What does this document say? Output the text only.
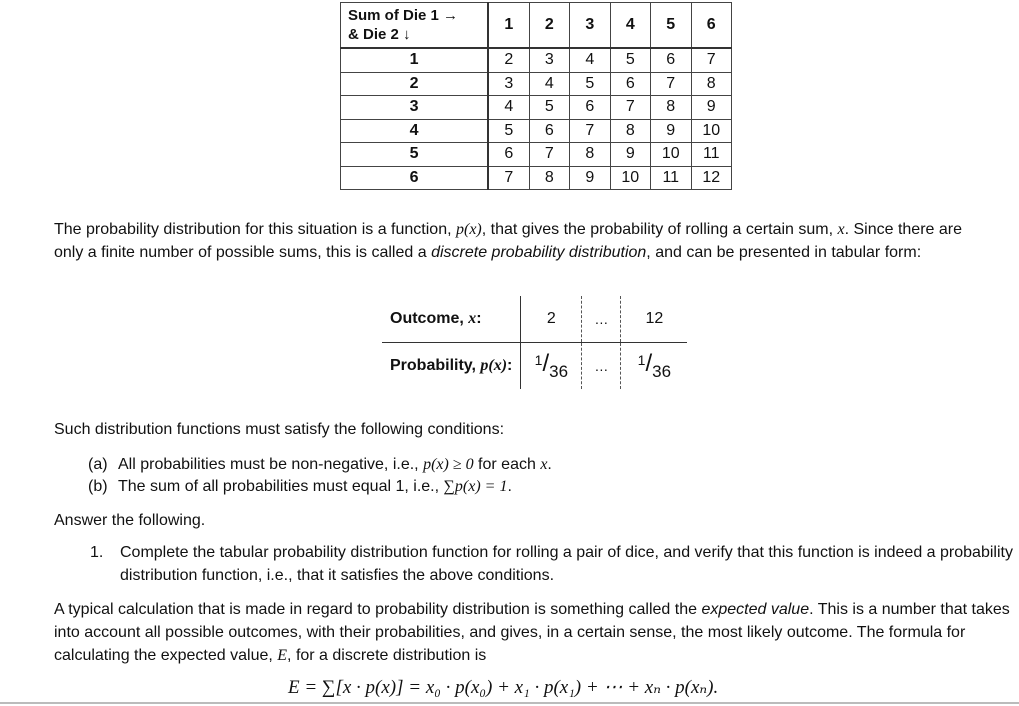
Sum of Die 1 →
& Die 2 ↓	1	2	3	4	5	6
1	2	3	4	5	6	7
2	3	4	5	6	7	8
3	4	5	6	7	8	9
4	5	6	7	8	9	10
5	6	7	8	9	10	11
6	7	8	9	10	11	12

The probability distribution for this situation is a function, p(x), that gives the probability of rolling a certain sum, x. Since there are only a finite number of possible sums, this is called a discrete probability distribution, and can be presented in tabular form:

Outcome, x:	2	…	12
Probability, p(x):	$^1/_{36}$	…	$^1/_{36}$

Such distribution functions must satisfy the following conditions:

(a) All probabilities must be non-negative, i.e., p(x) ≥ 0 for each x.

(b) The sum of all probabilities must equal 1, i.e., ∑p(x) = 1.

Answer the following.

1. Complete the tabular probability distribution function for rolling a pair of dice, and verify that this function is indeed a probability distribution function, i.e., that it satisfies the above conditions.

A typical calculation that is made in regard to probability distribution is something called the expected value. This is a number that takes into account all possible outcomes, with their probabilities, and gives, in a certain sense, the most likely outcome. The formula for calculating the expected value, E, for a discrete distribution is

E = ∑[x · p(x)] = x₀ · p(x₀) + x₁ · p(x₁) + ⋯ + xₙ · p(xₙ).
